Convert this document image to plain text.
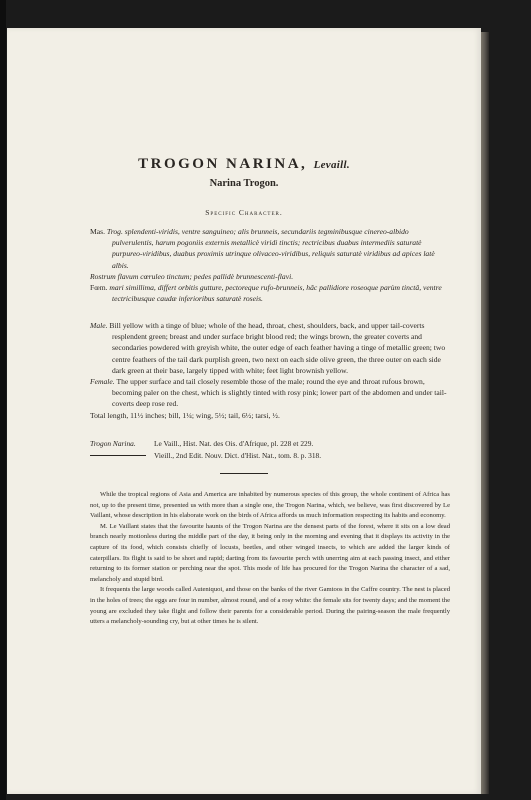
TROGON NARINA, Levaill.
Narina Trogon.
Specific Character.

Mas. Trog. splendenti-viridis, ventre sanguineo; alis brunneis, secundariis tegminibusque cinereo-albido pulverulentis, harum pogoniis externis metallicè viridi tinctis; rectricibus duabus intermediis saturatè purpureo-viridibus, duabus proximis utrinque olivaceo-viridibus, reliquis saturatè viridibus ad apices latè albis.

Rostrum flavum cœruleo tinctum; pedes pallidè brunnescenti-flavi.

Fœm. mari simillima, differt orbitis gutture, pectoreque rufo-brunneis, hâc pallidiore roseoque parùm tinctâ, ventre tectricibusque caudæ inferioribus saturatè roseis.

Male. Bill yellow with a tinge of blue; whole of the head, throat, chest, shoulders, back, and upper tail-coverts resplendent green; breast and under surface bright blood red; the wings brown, the greater coverts and secondaries powdered with greyish white, the outer edge of each feather having a tinge of metallic green; two centre feathers of the tail dark purplish green, two next on each side olive green, the three outer on each side dark green at their base, largely tipped with white; feet light brownish yellow.

Female. The upper surface and tail closely resemble those of the male; round the eye and throat rufous brown, becoming paler on the chest, which is slightly tinted with rosy pink; lower part of the abdomen and under tail-coverts deep rose red.

Total length, 11½ inches; bill, 1¼; wing, 5½; tail, 6½; tarsi, ½.

Trogon Narina.	Le Vaill., Hist. Nat. des Ois. d'Afrique, pl. 228 et 229.
Vieill., 2nd Edit. Nouv. Dict. d'Hist. Nat., tom. 8. p. 318.

While the tropical regions of Asia and America are inhabited by numerous species of this group, the whole continent of Africa has not, up to the present time, presented us with more than a single one, the Trogon Narina, which, we believe, was first discovered by Le Vaillant, whose description in his elaborate work on the birds of Africa affords us much information respecting its habits and economy.

M. Le Vaillant states that the favourite haunts of the Trogon Narina are the densest parts of the forest, where it sits on a low dead branch nearly motionless during the middle part of the day, it being only in the morning and evening that it displays its activity in the capture of its food, which consists chiefly of locusts, beetles, and other winged insects, to which are added the larger kinds of caterpillars. Its flight is said to be short and rapid; darting from its favourite perch with unerring aim at each passing insect, and either returning to its former station or perching near the spot. This mode of life has procured for the Trogon Narina the character of a sad, melancholy and stupid bird.

It frequents the large woods called Auteniquoi, and those on the banks of the river Gamtoos in the Caffre country. The nest is placed in the holes of trees; the eggs are four in number, almost round, and of a rosy white: the female sits for twenty days; and the moment the young are excluded they take flight and follow their parents for a considerable period. During the pairing-season the male frequently utters a melancholy-sounding cry, but at other times he is silent.
